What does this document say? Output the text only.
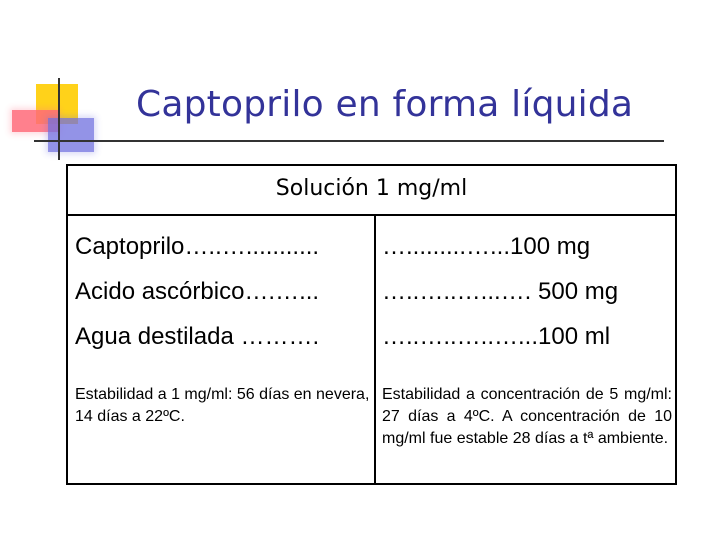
Captoprilo en forma líquida
Solución 1 mg/ml
Captoprilo…..…...........
Acido ascórbico….…...
Agua destilada ……….
….........…...100 mg
…..…..…...…. 500 mg
…..…..…..…...100 ml
Estabilidad a 1 mg/ml: 56 días en nevera, 14 días a 22ºC.
Estabilidad a concentración de 5 mg/ml: 27 días a 4ºC. A concentración de 10 mg/ml fue estable 28 días a tª ambiente.
